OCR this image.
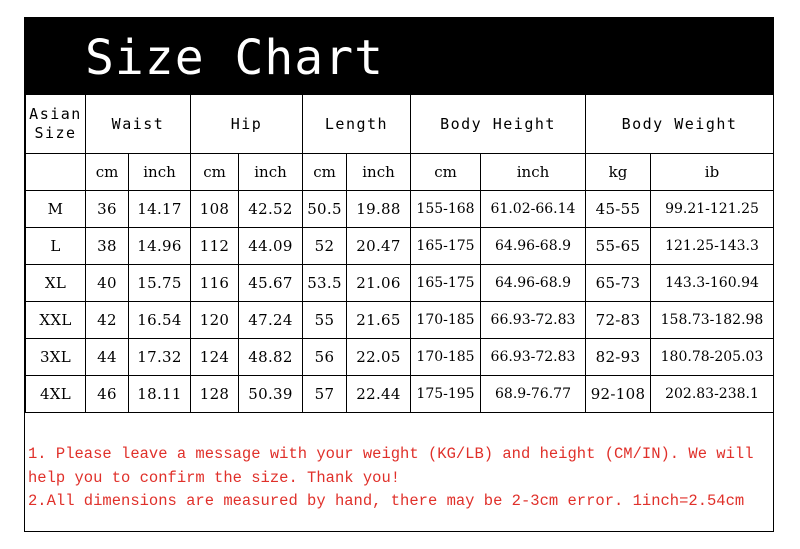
Size Chart
Asian Size	Waist		Hip		Length		Body Height		Body Weight	
	cm	inch	cm	inch	cm	inch	cm	inch	kg	ib
M	36	14.17	108	42.52	50.5	19.88	155-168	61.02-66.14	45-55	99.21-121.25
L	38	14.96	112	44.09	52	20.47	165-175	64.96-68.9	55-65	121.25-143.3
XL	40	15.75	116	45.67	53.5	21.06	165-175	64.96-68.9	65-73	143.3-160.94
XXL	42	16.54	120	47.24	55	21.65	170-185	66.93-72.83	72-83	158.73-182.98
3XL	44	17.32	124	48.82	56	22.05	170-185	66.93-72.83	82-93	180.78-205.03
4XL	46	18.11	128	50.39	57	22.44	175-195	68.9-76.77	92-108	202.83-238.1

1. Please leave a message with your weight (KG/LB) and height (CM/IN). We will help you to confirm the size. Thank you!

2.All dimensions are measured by hand, there may be 2-3cm error. 1inch=2.54cm
